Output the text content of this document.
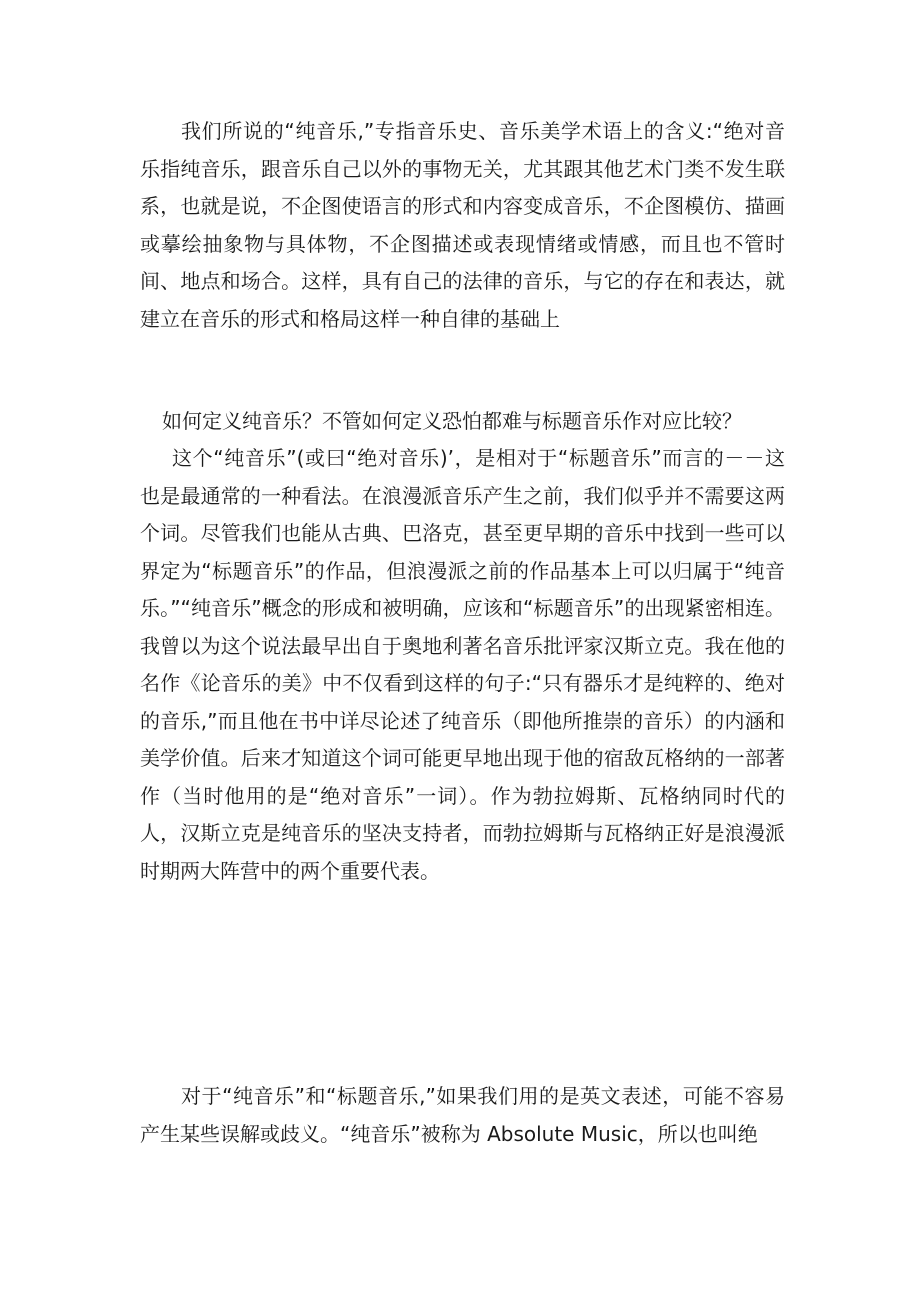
我们所说的“纯音乐,”专指音乐史、音乐美学术语上的含义:“绝对音乐指纯音乐，跟音乐自己以外的事物无关，尤其跟其他艺术门类不发生联系，也就是说，不企图使语言的形式和内容变成音乐，不企图模仿、描画或摹绘抽象物与具体物，不企图描述或表现情绪或情感，而且也不管时间、地点和场合。这样，具有自己的法律的音乐，与它的存在和表达，就建立在音乐的形式和格局这样一种自律的基础上

如何定义纯音乐？不管如何定义恐怕都难与标题音乐作对应比较？

这个“纯音乐”(或曰“绝对音乐)’，是相对于“标题音乐”而言的－－这也是最通常的一种看法。在浪漫派音乐产生之前，我们似乎并不需要这两个词。尽管我们也能从古典、巴洛克，甚至更早期的音乐中找到一些可以界定为“标题音乐”的作品，但浪漫派之前的作品基本上可以归属于“纯音乐。”“纯音乐”概念的形成和被明确，应该和“标题音乐”的出现紧密相连。我曾以为这个说法最早出自于奥地利著名音乐批评家汉斯立克。我在他的名作《论音乐的美》中不仅看到这样的句子:“只有器乐才是纯粹的、绝对的音乐,”而且他在书中详尽论述了纯音乐（即他所推崇的音乐）的内涵和美学价值。后来才知道这个词可能更早地出现于他的宿敌瓦格纳的一部著作（当时他用的是“绝对音乐”一词）。作为勃拉姆斯、瓦格纳同时代的人，汉斯立克是纯音乐的坚决支持者，而勃拉姆斯与瓦格纳正好是浪漫派时期两大阵营中的两个重要代表。

对于“纯音乐”和“标题音乐,”如果我们用的是英文表述，可能不容易产生某些误解或歧义。“纯音乐”被称为 Absolute Music，所以也叫绝
